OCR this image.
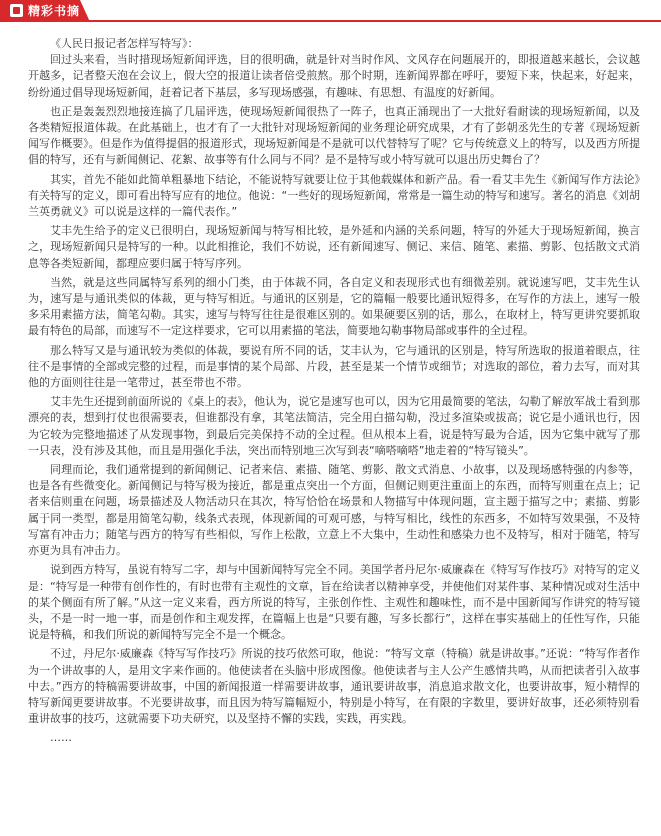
精彩书摘

《人民日报记者怎样写特写》：

回过头来看，当时措现场短新闻评选，目的很明确，就是针对当时作风、文风存在问题展开的，即报道越来越长，会议越开越多，记者整天泡在会议上，假大空的报道让读者倍受煎熬。那个时期，连新闻界都在呼吁，要短下来，快起来，好起来，纷纷通过倡导现场短新闻，赶着记者下基层，多写现场感强，有趣味、有思想、有温度的好新闻。

也正是轰轰烈烈地接连搞了几届评选，使现场短新闻很热了一阵子，也真正涌现出了一大批好看耐读的现场短新闻，以及各类精短报道体裁。在此基础上，也才有了一大批针对现场短新闻的业务理论研究成果，才有了彭朝丞先生的专著《现场短新闻写作概要》。但是作为值得提倡的报道形式，现场短新闻是不是就可以代替特写了呢？它与传统意义上的特写，以及西方所提倡的特写，还有与新闻侧记、花絮、故事等有什么同与不同？是不是特写或小特写就可以退出历史舞台了？

其实，首先不能如此简单粗暴地下结论，不能说特写就要让位于其他载媒体和新产品。看一看艾丰先生《新闻写作方法论》有关特写的定义，即可看出特写应有的地位。他说：“一些好的现场短新闻，常常是一篇生动的特写和速写。著名的消息《刘胡兰英勇就义》可以说是这样的一篇代表作。”

艾丰先生给予的定义已很明白，现场短新闻与特写相比较，是外延和内涵的关系问题，特写的外延大于现场短新闻，换言之，现场短新闻只是特写的一种。以此相推论，我们不妨说，还有新闻速写、侧记、来信、随笔、素描、剪影、包括散文式消息等各类短新闻，都理应要归属于特写序列。

当然，就是这些同属特写系列的细小门类，由于体裁不同，各自定义和表现形式也有细微差别。就说速写吧，艾丰先生认为，速写是与通讯类似的体裁，更与特写相近。与通讯的区别是，它的篇幅一般要比通讯短得多，在写作的方法上，速写一般多采用素描方法，简笔勾勒。其实，速写与特写往往是很难区别的。如果硬要区别的话，那么，在取材上，特写更讲究要抓取最有特色的局部，而速写不一定这样要求，它可以用素描的笔法，简要地勾勒事物局部或事件的全过程。

那么特写又是与通讯较为类似的体裁，要说有所不同的话，艾丰认为，它与通讯的区别是，特写所选取的报道着眼点，往往不是事情的全部或完整的过程，而是事情的某个局部、片段，甚至是某一个情节或细节；对选取的部位，着力去写，而对其他的方面则往往是一笔带过，甚至带也不带。

艾丰先生还提到前面所说的《桌上的表》，他认为，说它是速写也可以，因为它用最简要的笔法，勾勒了解放军战士看到那漂亮的表，想到打仗也很需要表，但谁都没有拿，其笔法简洁，完全用白描勾勒，没过多渲染或拔高；说它是小通讯也行，因为它较为完整地描述了从发现事物，到最后完美保持不动的全过程。但从根本上看，说是特写最为合适，因为它集中就写了那一只表，没有涉及其他，而且是用强化手法，突出而特别地三次写到表“嘀嗒嘀嗒”地走着的“特写镜头”。

同理而论，我们通常提到的新闻侧记、记者来信、素描、随笔、剪影、散文式消息、小故事，以及现场感特强的内参等，也是各有些微变化。新闻侧记与特写极为接近，都是重点突出一个方面，但侧记则更注重面上的东西，而特写则重在点上；记者来信则重在问题，场景描述及人物活动只在其次，特写恰恰在场景和人物描写中体现问题，宣主题于描写之中；素描、剪影属于同一类型，都是用简笔勾勒，线条式表现，体现新闻的可观可感，与特写相比，线性的东西多，不如特写效果强，不及特写富有冲击力；随笔与西方的特写有些相似，写作上松散，立意上不大集中，生动性和感染力也不及特写，相对于随笔，特写亦更为具有冲击力。

说到西方特写，虽说有特写二字，却与中国新闻特写完全不同。美国学者丹尼尔·威廉森在《特写写作技巧》对特写的定义是：“特写是一种带有创作性的，有时也带有主观性的文章，旨在给读者以精神享受，并使他们对某件事、某种情况或对生活中的某个侧面有所了解。”从这一定义来看，西方所说的特写，主张创作性、主观性和趣味性，而不是中国新闻写作讲究的特写镜头，不是一时一地一事，而是创作和主观发挥，在篇幅上也是“只要有趣，写多长都行”，这样在事实基础上的任性写作，只能说是特稿，和我们所说的新闻特写完全不是一个概念。

不过，丹尼尔·威廉森《特写写作技巧》所说的技巧依然可取，他说：“特写文章（特稿）就是讲故事。”还说：“特写作者作为一个讲故事的人，是用文字来作画的。他使读者在头脑中形成图像。他使读者与主人公产生感情共鸣，从而把读者引入故事中去。”西方的特稿需要讲故事，中国的新闻报道一样需要讲故事，通讯要讲故事，消息追求散文化，也要讲故事，短小精悍的特写新闻更要讲故事。不光要讲故事，而且因为特写篇幅短小，特别是小特写，在有限的字数里，要讲好故事，还必须特别看重讲故事的技巧，这就需要下功夫研究，以及坚持不懈的实践，实践，再实践。

……
